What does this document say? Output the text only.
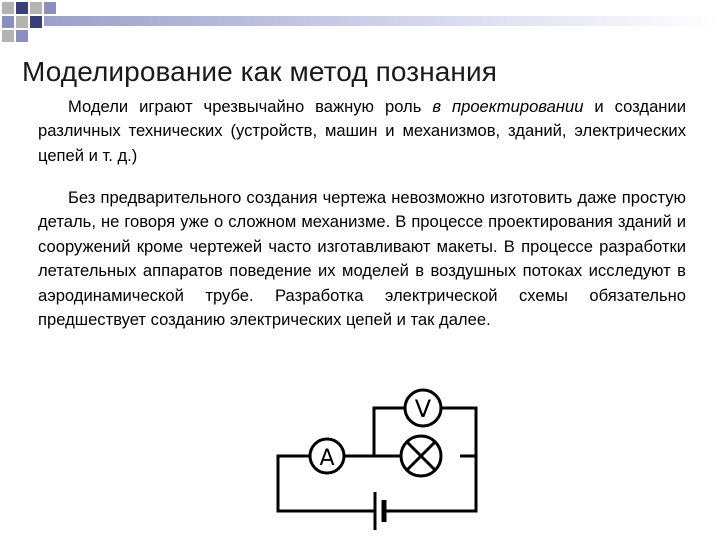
Моделирование как метод познания
Модели играют чрезвычайно важную роль в проектировании и создании различных технических (устройств, машин и механизмов, зданий, электрических цепей и т. д.)
Без предварительного создания чертежа невозможно изготовить даже простую деталь, не говоря уже о сложном механизме. В процессе проектирования зданий и сооружений кроме чертежей часто изготавливают макеты. В процессе разработки летательных аппаратов поведение их моделей в воздушных потоках исследуют в аэродинамической трубе. Разработка электрической схемы обязательно предшествует созданию электрических цепей и так далее.
A
V
